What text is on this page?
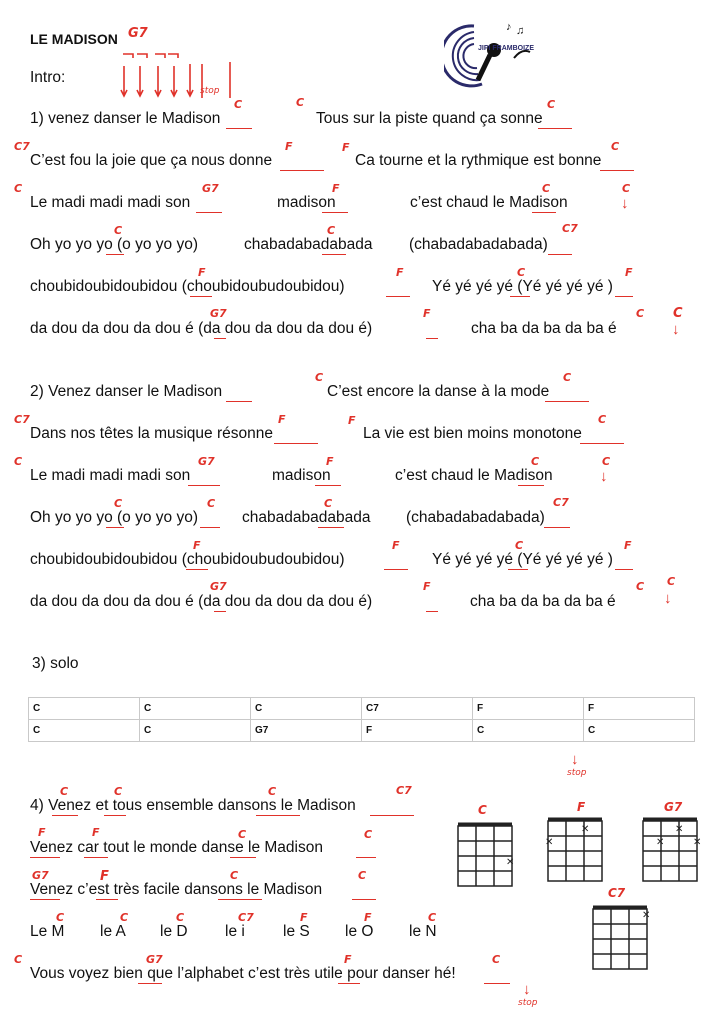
LE MADISON G7
Intro:
stop
♪ ♫
JIPI FRAMBOIZE
1) venez danser le Madison	Tous sur la piste quand ça sonne
C’est fou la joie que ça nous donne	Ca tourne et la rythmique est bonne
Le madi madi madi son	madison	c’est chaud le Madison
Oh yo yo yo (o yo yo yo)	chabadabadabada (chabadabadabada)
choubidoubidoubidou (choubidoubudoubidou)	Yé yé yé yé (Yé yé yé yé )
da dou da dou da dou é (da dou da dou da dou é)	cha ba da ba da ba é
2) Venez danser le Madison	C’est encore la danse à la mode
Dans nos têtes la musique résonne	La vie est bien moins monotone
Le madi madi madi son	madison	c’est chaud le Madison
Oh yo yo yo (o yo yo yo)	chabadabadabada (chabadabadabada)
choubidoubidoubidou (choubidoubudoubidou)	Yé yé yé yé (Yé yé yé yé )
da dou da dou da dou é (da dou da dou da dou é)	cha ba da ba da ba é
3) solo
C	C	C	C7	F	F
C	C	G7	F	C	C
↓
stop
4) Venez et tous ensemble dansons le Madison
Venez car tout le monde danse le Madison
Venez c’est très facile dansons le Madison
Le M le A le D le i le S le O le N
Vous voyez bien que l’alphabet c’est très utile pour danser hé!
↓
stop
C	C	C
C7	F	F	C
C	G7	F	C	C
↓
C	C	C7
F	F	C	F
G7	F	C C
↓
C	C
C7	F	F	C
C	G7	F	C	C
↓
C	C	C	C7
F	F	C	F
G7	F	C C
↓
C	C	C	C7
F	F	C	C
G7	F	C	C
C	C	C	C7	F	F	C
C	G7	F	C
C
✕
F
✕
✕
G7
✕
✕
✕
C7
✕
